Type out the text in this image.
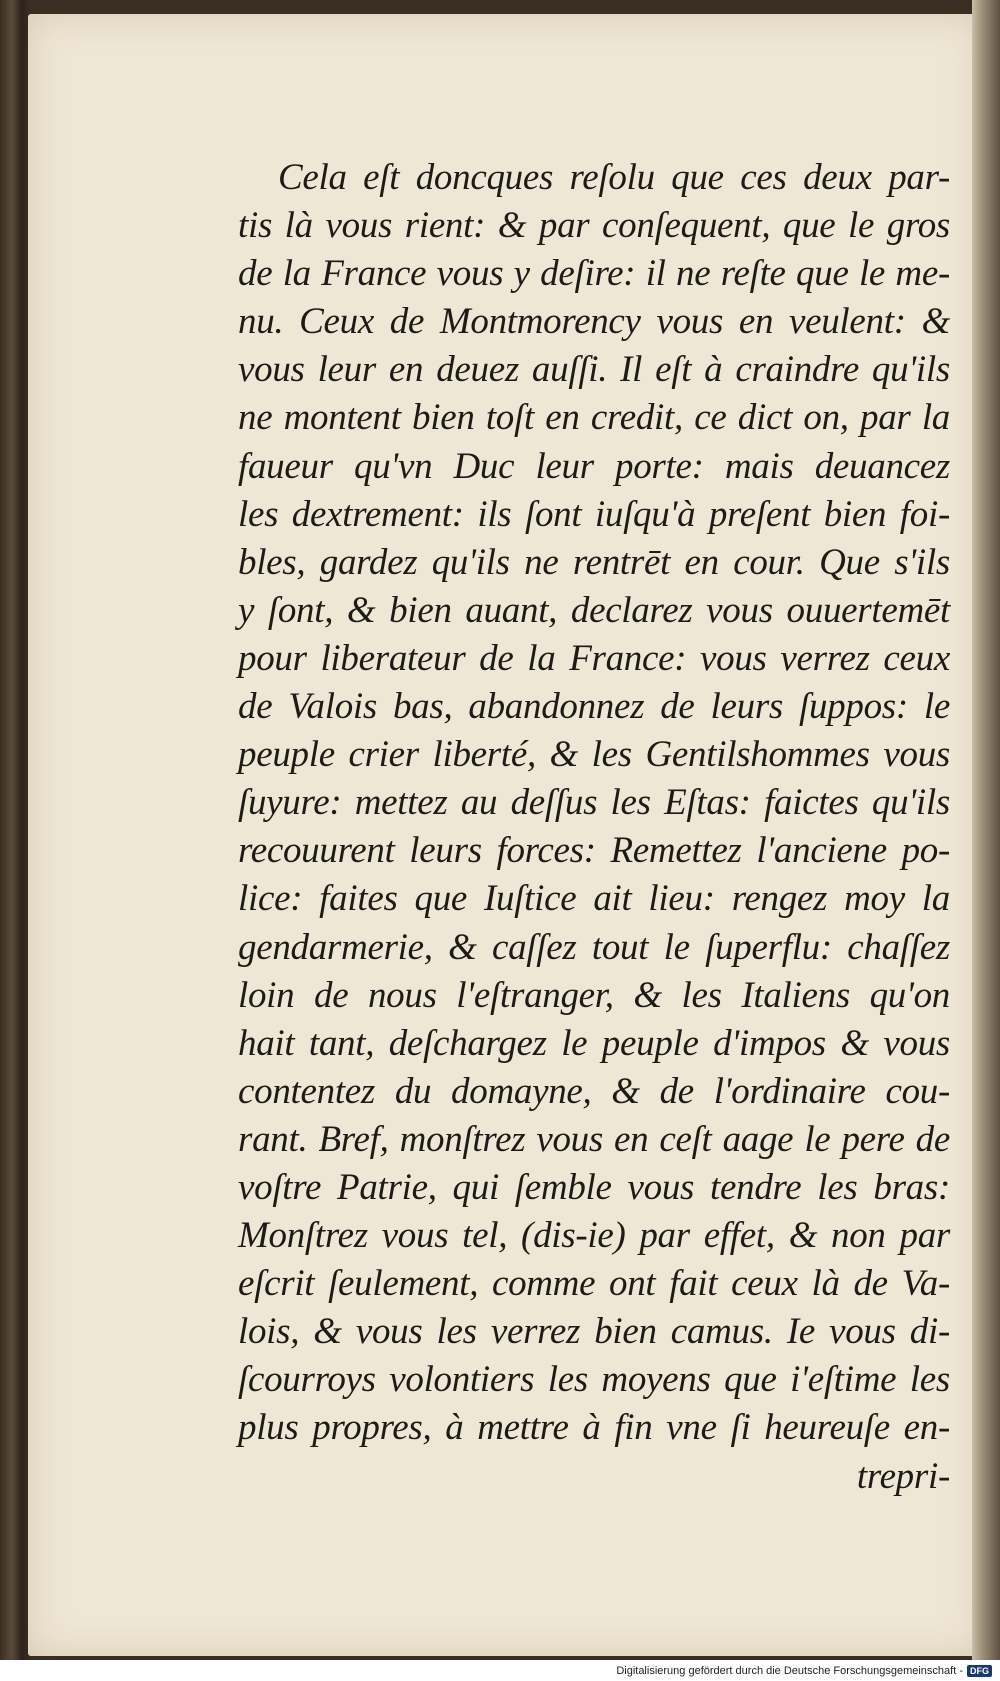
Cela eſt doncques reſolu que ces deux par-
tis là vous rient: & par conſequent, que le gros
de la France vous y deſire: il ne reſte que le me-
nu. Ceux de Montmorency vous en veulent: &
vous leur en deuez auſſi. Il eſt à craindre qu'ils
ne montent bien toſt en credit, ce dict on, par la
faueur qu'vn Duc leur porte: mais deuancez
les dextrement: ils ſont iuſqu'à preſent bien foi-
bles, gardez qu'ils ne rentrēt en cour. Que s'ils
y ſont, & bien auant, declarez vous ouuertemēt
pour liberateur de la France: vous verrez ceux
de Valois bas, abandonnez de leurs ſuppos: le
peuple crier liberté, & les Gentilshommes vous
ſuyure: mettez au deſſus les Eſtas: faictes qu'ils
recouurent leurs forces: Remettez l'anciene po-
lice: faites que Iuſtice ait lieu: rengez moy la
gendarmerie, & caſſez tout le ſuperflu: chaſſez
loin de nous l'eſtranger, & les Italiens qu'on
hait tant, deſchargez le peuple d'impos & vous
contentez du domayne, & de l'ordinaire cou-
rant. Bref, monſtrez vous en ceſt aage le pere de
voſtre Patrie, qui ſemble vous tendre les bras:
Monſtrez vous tel, (dis-ie) par effet, & non par
eſcrit ſeulement, comme ont fait ceux là de Va-
lois, & vous les verrez bien camus. Ie vous di-
ſcourroys volontiers les moyens que i'eſtime les
plus propres, à mettre à fin vne ſi heureuſe en-
trepri-
Digitalisierung gefördert durch die Deutsche Forschungsgemeinschaft - DFG
